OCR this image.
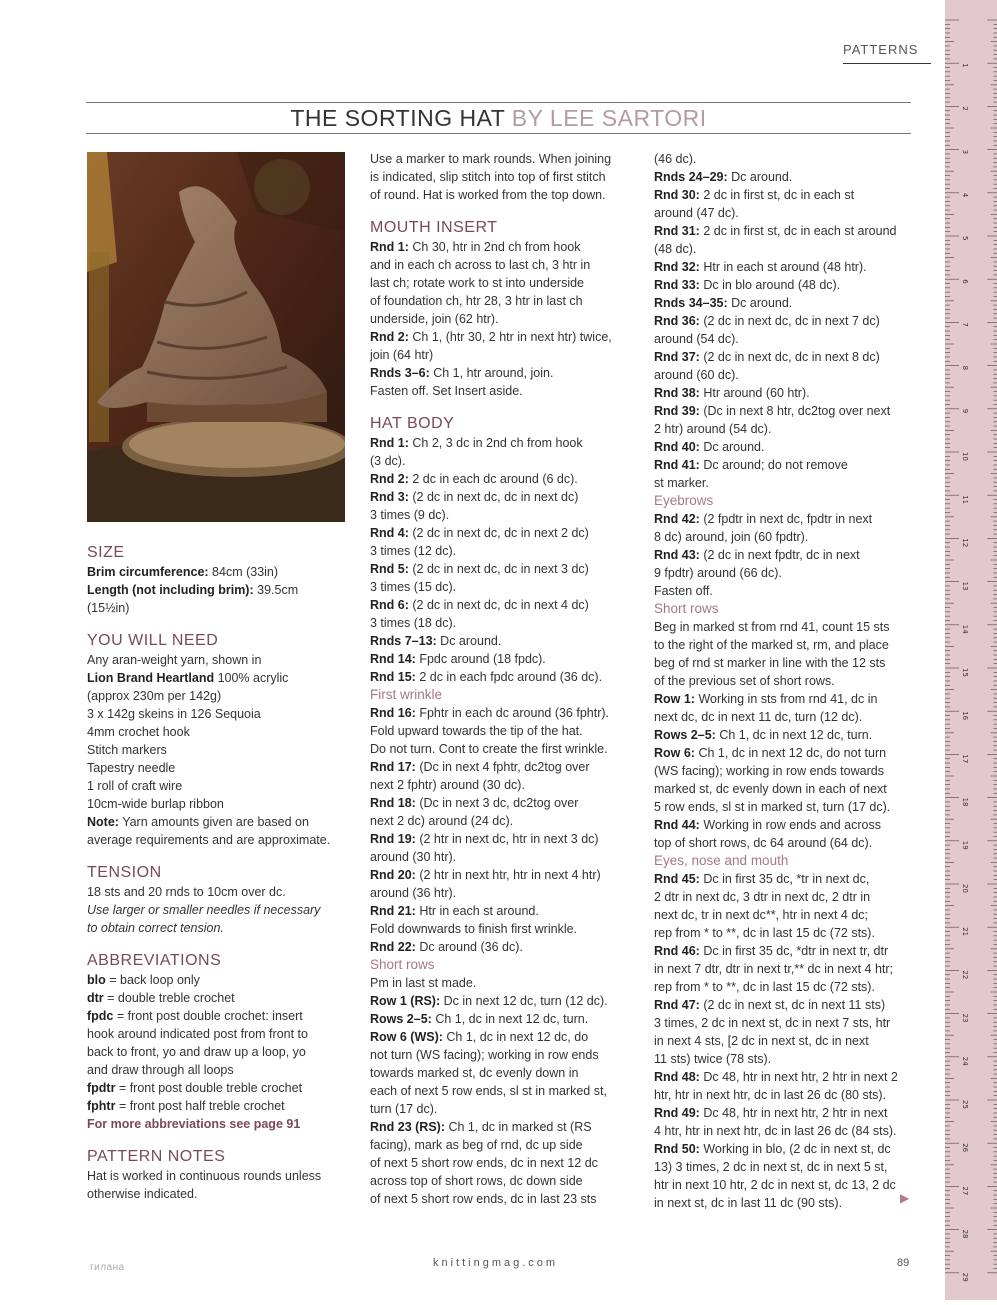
PATTERNS
THE SORTING HAT BY LEE SARTORI

SIZE

Brim circumference: 84cm (33in)

Length (not including brim): 39.5cm

(15½in)

YOU WILL NEED

Any aran-weight yarn, shown in

Lion Brand Heartland 100% acrylic

(approx 230m per 142g)

3 x 142g skeins in 126 Sequoia

4mm crochet hook

Stitch markers

Tapestry needle

1 roll of craft wire

10cm-wide burlap ribbon

Note: Yarn amounts given are based on

average requirements and are approximate.

TENSION

18 sts and 20 rnds to 10cm over dc.

Use larger or smaller needles if necessary

to obtain correct tension.

ABBREVIATIONS

blo = back loop only

dtr = double treble crochet

fpdc = front post double crochet: insert

hook around indicated post from front to

back to front, yo and draw up a loop, yo

and draw through all loops

fpdtr = front post double treble crochet

fphtr = front post half treble crochet

For more abbreviations see page 91

PATTERN NOTES

Hat is worked in continuous rounds unless

otherwise indicated.

Use a marker to mark rounds. When joining

is indicated, slip stitch into top of first stitch

of round. Hat is worked from the top down.

MOUTH INSERT

Rnd 1: Ch 30, htr in 2nd ch from hook

and in each ch across to last ch, 3 htr in

last ch; rotate work to st into underside

of foundation ch, htr 28, 3 htr in last ch

underside, join (62 htr).

Rnd 2: Ch 1, (htr 30, 2 htr in next htr) twice,

join (64 htr)

Rnds 3–6: Ch 1, htr around, join.

Fasten off. Set Insert aside.

HAT BODY

Rnd 1: Ch 2, 3 dc in 2nd ch from hook

(3 dc).

Rnd 2: 2 dc in each dc around (6 dc).

Rnd 3: (2 dc in next dc, dc in next dc)

3 times (9 dc).

Rnd 4: (2 dc in next dc, dc in next 2 dc)

3 times (12 dc).

Rnd 5: (2 dc in next dc, dc in next 3 dc)

3 times (15 dc).

Rnd 6: (2 dc in next dc, dc in next 4 dc)

3 times (18 dc).

Rnds 7–13: Dc around.

Rnd 14: Fpdc around (18 fpdc).

Rnd 15: 2 dc in each fpdc around (36 dc).

First wrinkle

Rnd 16: Fphtr in each dc around (36 fphtr).

Fold upward towards the tip of the hat.

Do not turn. Cont to create the first wrinkle.

Rnd 17: (Dc in next 4 fphtr, dc2tog over

next 2 fphtr) around (30 dc).

Rnd 18: (Dc in next 3 dc, dc2tog over

next 2 dc) around (24 dc).

Rnd 19: (2 htr in next dc, htr in next 3 dc)

around (30 htr).

Rnd 20: (2 htr in next htr, htr in next 4 htr)

around (36 htr).

Rnd 21: Htr in each st around.

Fold downwards to finish first wrinkle.

Rnd 22: Dc around (36 dc).

Short rows

Pm in last st made.

Row 1 (RS): Dc in next 12 dc, turn (12 dc).

Rows 2–5: Ch 1, dc in next 12 dc, turn.

Row 6 (WS): Ch 1, dc in next 12 dc, do

not turn (WS facing); working in row ends

towards marked st, dc evenly down in

each of next 5 row ends, sl st in marked st,

turn (17 dc).

Rnd 23 (RS): Ch 1, dc in marked st (RS

facing), mark as beg of rnd, dc up side

of next 5 short row ends, dc in next 12 dc

across top of short rows, dc down side

of next 5 short row ends, dc in last 23 sts

(46 dc).

Rnds 24–29: Dc around.

Rnd 30: 2 dc in first st, dc in each st

around (47 dc).

Rnd 31: 2 dc in first st, dc in each st around

(48 dc).

Rnd 32: Htr in each st around (48 htr).

Rnd 33: Dc in blo around (48 dc).

Rnds 34–35: Dc around.

Rnd 36: (2 dc in next dc, dc in next 7 dc)

around (54 dc).

Rnd 37: (2 dc in next dc, dc in next 8 dc)

around (60 dc).

Rnd 38: Htr around (60 htr).

Rnd 39: (Dc in next 8 htr, dc2tog over next

2 htr) around (54 dc).

Rnd 40: Dc around.

Rnd 41: Dc around; do not remove

st marker.

Eyebrows

Rnd 42: (2 fpdtr in next dc, fpdtr in next

8 dc) around, join (60 fpdtr).

Rnd 43: (2 dc in next fpdtr, dc in next

9 fpdtr) around (66 dc).

Fasten off.

Short rows

Beg in marked st from rnd 41, count 15 sts

to the right of the marked st, rm, and place

beg of rnd st marker in line with the 12 sts

of the previous set of short rows.

Row 1: Working in sts from rnd 41, dc in

next dc, dc in next 11 dc, turn (12 dc).

Rows 2–5: Ch 1, dc in next 12 dc, turn.

Row 6: Ch 1, dc in next 12 dc, do not turn

(WS facing); working in row ends towards

marked st, dc evenly down in each of next

5 row ends, sl st in marked st, turn (17 dc).

Rnd 44: Working in row ends and across

top of short rows, dc 64 around (64 dc).

Eyes, nose and mouth

Rnd 45: Dc in first 35 dc, *tr in next dc,

2 dtr in next dc, 3 dtr in next dc, 2 dtr in

next dc, tr in next dc**, htr in next 4 dc;

rep from * to **, dc in last 15 dc (72 sts).

Rnd 46: Dc in first 35 dc, *dtr in next tr, dtr

in next 7 dtr, dtr in next tr,** dc in next 4 htr;

rep from * to **, dc in last 15 dc (72 sts).

Rnd 47: (2 dc in next st, dc in next 11 sts)

3 times, 2 dc in next st, dc in next 7 sts, htr

in next 4 sts, [2 dc in next st, dc in next

11 sts) twice (78 sts).

Rnd 48: Dc 48, htr in next htr, 2 htr in next 2

htr, htr in next htr, dc in last 26 dc (80 sts).

Rnd 49: Dc 48, htr in next htr, 2 htr in next

4 htr, htr in next htr, dc in last 26 dc (84 sts).

Rnd 50: Working in blo, (2 dc in next st, dc

13) 3 times, 2 dc in next st, dc in next 5 st,

htr in next 10 htr, 2 dc in next st, dc 13, 2 dc

in next st, dc in last 11 dc (90 sts).	▶
гилана	knittingmag.com	89
1
2
3
4
5
6
7
8
9
10
11
12
13
14
15
16
17
18
19
20
21
22
23
24
25
26
27
28
29
